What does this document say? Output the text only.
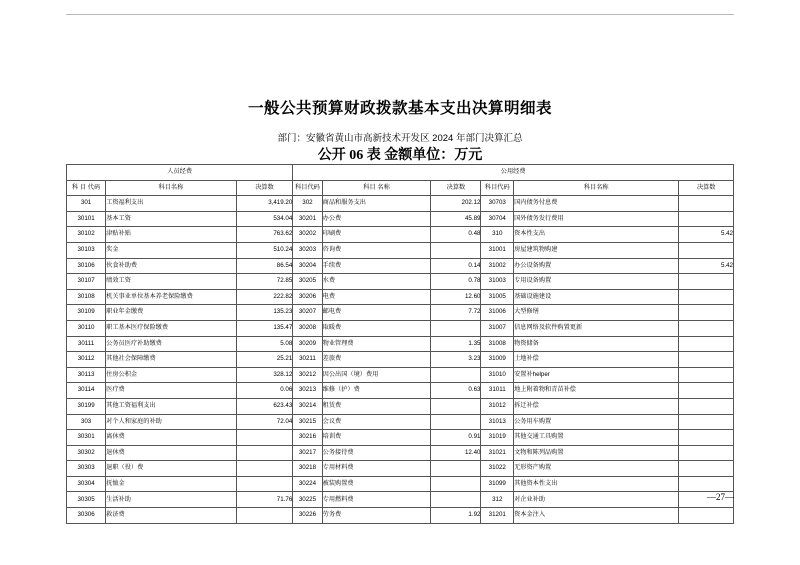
一般公共预算财政拨款基本支出决算明细表
部门：安徽省黄山市高新技术开发区 2024 年部门决算汇总
公开 06 表 金额单位：万元
人员经费			公用经费					
科 目 代码	科目名称	决算数	科目代码	科目 名称	决算数	科目代码	科目名称	决算数
301	工资福利支出	3,419.20	302	商品和服务支出	202.12	30703	国内债务付息费	
30101	基本工资	534.04	30201	办公费	45.89	30704	国外债务发行费用	
30102	津贴补贴	763.62	30202	印刷费	0.48	310	资本性支出	5.42
30103	奖金	510.24	30203	咨询费		31001	房屋建筑物购建	
30106	伙食补助费	86.54	30204	手续费	0.14	31002	办公设备购置	5.42
30107	绩效工资	72.85	30205	水费	0.78	31003	专用设备购置	
30108	机关事业单位基本养老保险缴费	222.82	30206	电费	12.60	31005	基础设施建设	
30109	职业年金缴费	135.23	30207	邮电费	7.72	31006	大型修缮	
30110	职工基本医疗保险缴费	135.47	30208	取暖费		31007	信息网络及软件购置更新	
30111	公务员医疗补助缴费	5.08	30209	物业管理费	1.35	31008	物资储备	
30112	其他社会保障缴费	25.21	30211	差旅费	3.23	31009	土地补偿	
30113	住房公积金	328.12	30212	因公出国（境）费用		31010	安置补helper	
30114	医疗费	0.06	30213	维修（护）费	0.63	31011	地上附着物和青苗补偿	
30199	其他工资福利支出	623.43	30214	租赁费		31012	拆迁补偿	
303	对个人和家庭的补助	72.04	30215	会议费		31013	公务用车购置	
30301	离休费		30216	培训费	0.91	31019	其他交通工具购置	
30302	退休费		30217	公务接待费	12.40	31021	文物和陈列品购置	
30303	退职（役）费		30218	专用材料费		31022	无形资产购置	
30304	抚恤金		30224	被装购置费		31099	其他资本性支出	
30305	生活补助	71.76	30225	专用燃料费		312	对企业补助	
30306	救济费		30226	劳务费	1.92	31201	资本金注入	
—27—
